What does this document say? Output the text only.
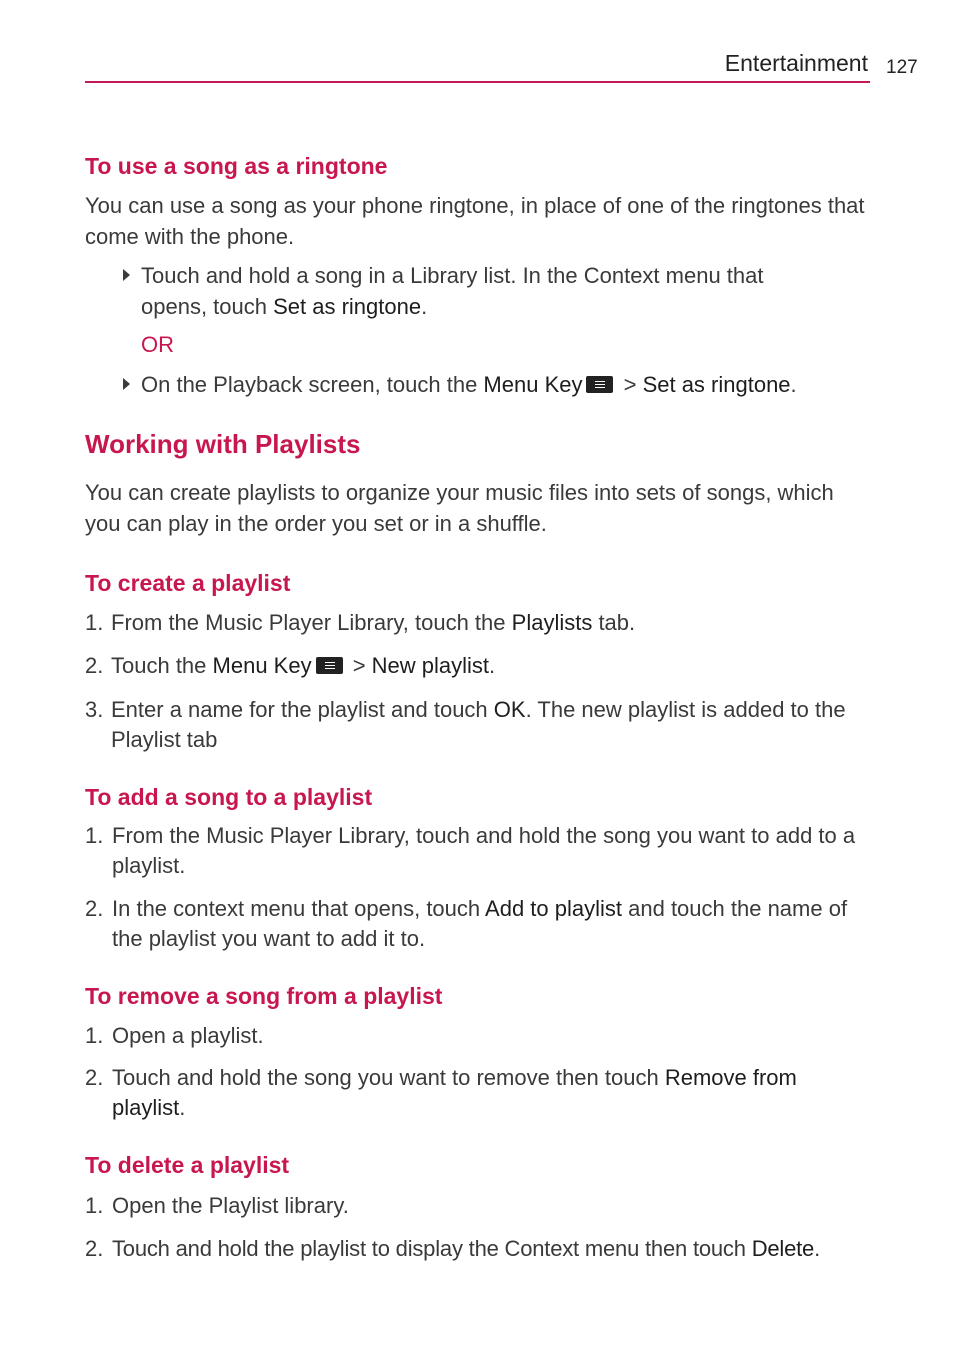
Entertainment 127
To use a song as a ringtone

You can use a song as your phone ringtone, in place of one of the ringtones that come with the phone.

Touch and hold a song in a Library list. In the Context menu that opens, touch Set as ringtone.
OR
On the Playback screen, touch the Menu Key > Set as ringtone.
Working with Playlists

You can create playlists to organize your music files into sets of songs, which you can play in the order you set or in a shuffle.

To create a playlist
1. From the Music Player Library, touch the Playlists tab.
2. Touch the Menu Key > New playlist.
3. Enter a name for the playlist and touch OK. The new playlist is added to the Playlist tab
To add a song to a playlist
1. From the Music Player Library, touch and hold the song you want to add to a playlist.
2. In the context menu that opens, touch Add to playlist and touch the name of the playlist you want to add it to.
To remove a song from a playlist
1. Open a playlist.
2. Touch and hold the song you want to remove then touch Remove from playlist.
To delete a playlist
1. Open the Playlist library.
2. Touch and hold the playlist to display the Context menu then touch Delete.
